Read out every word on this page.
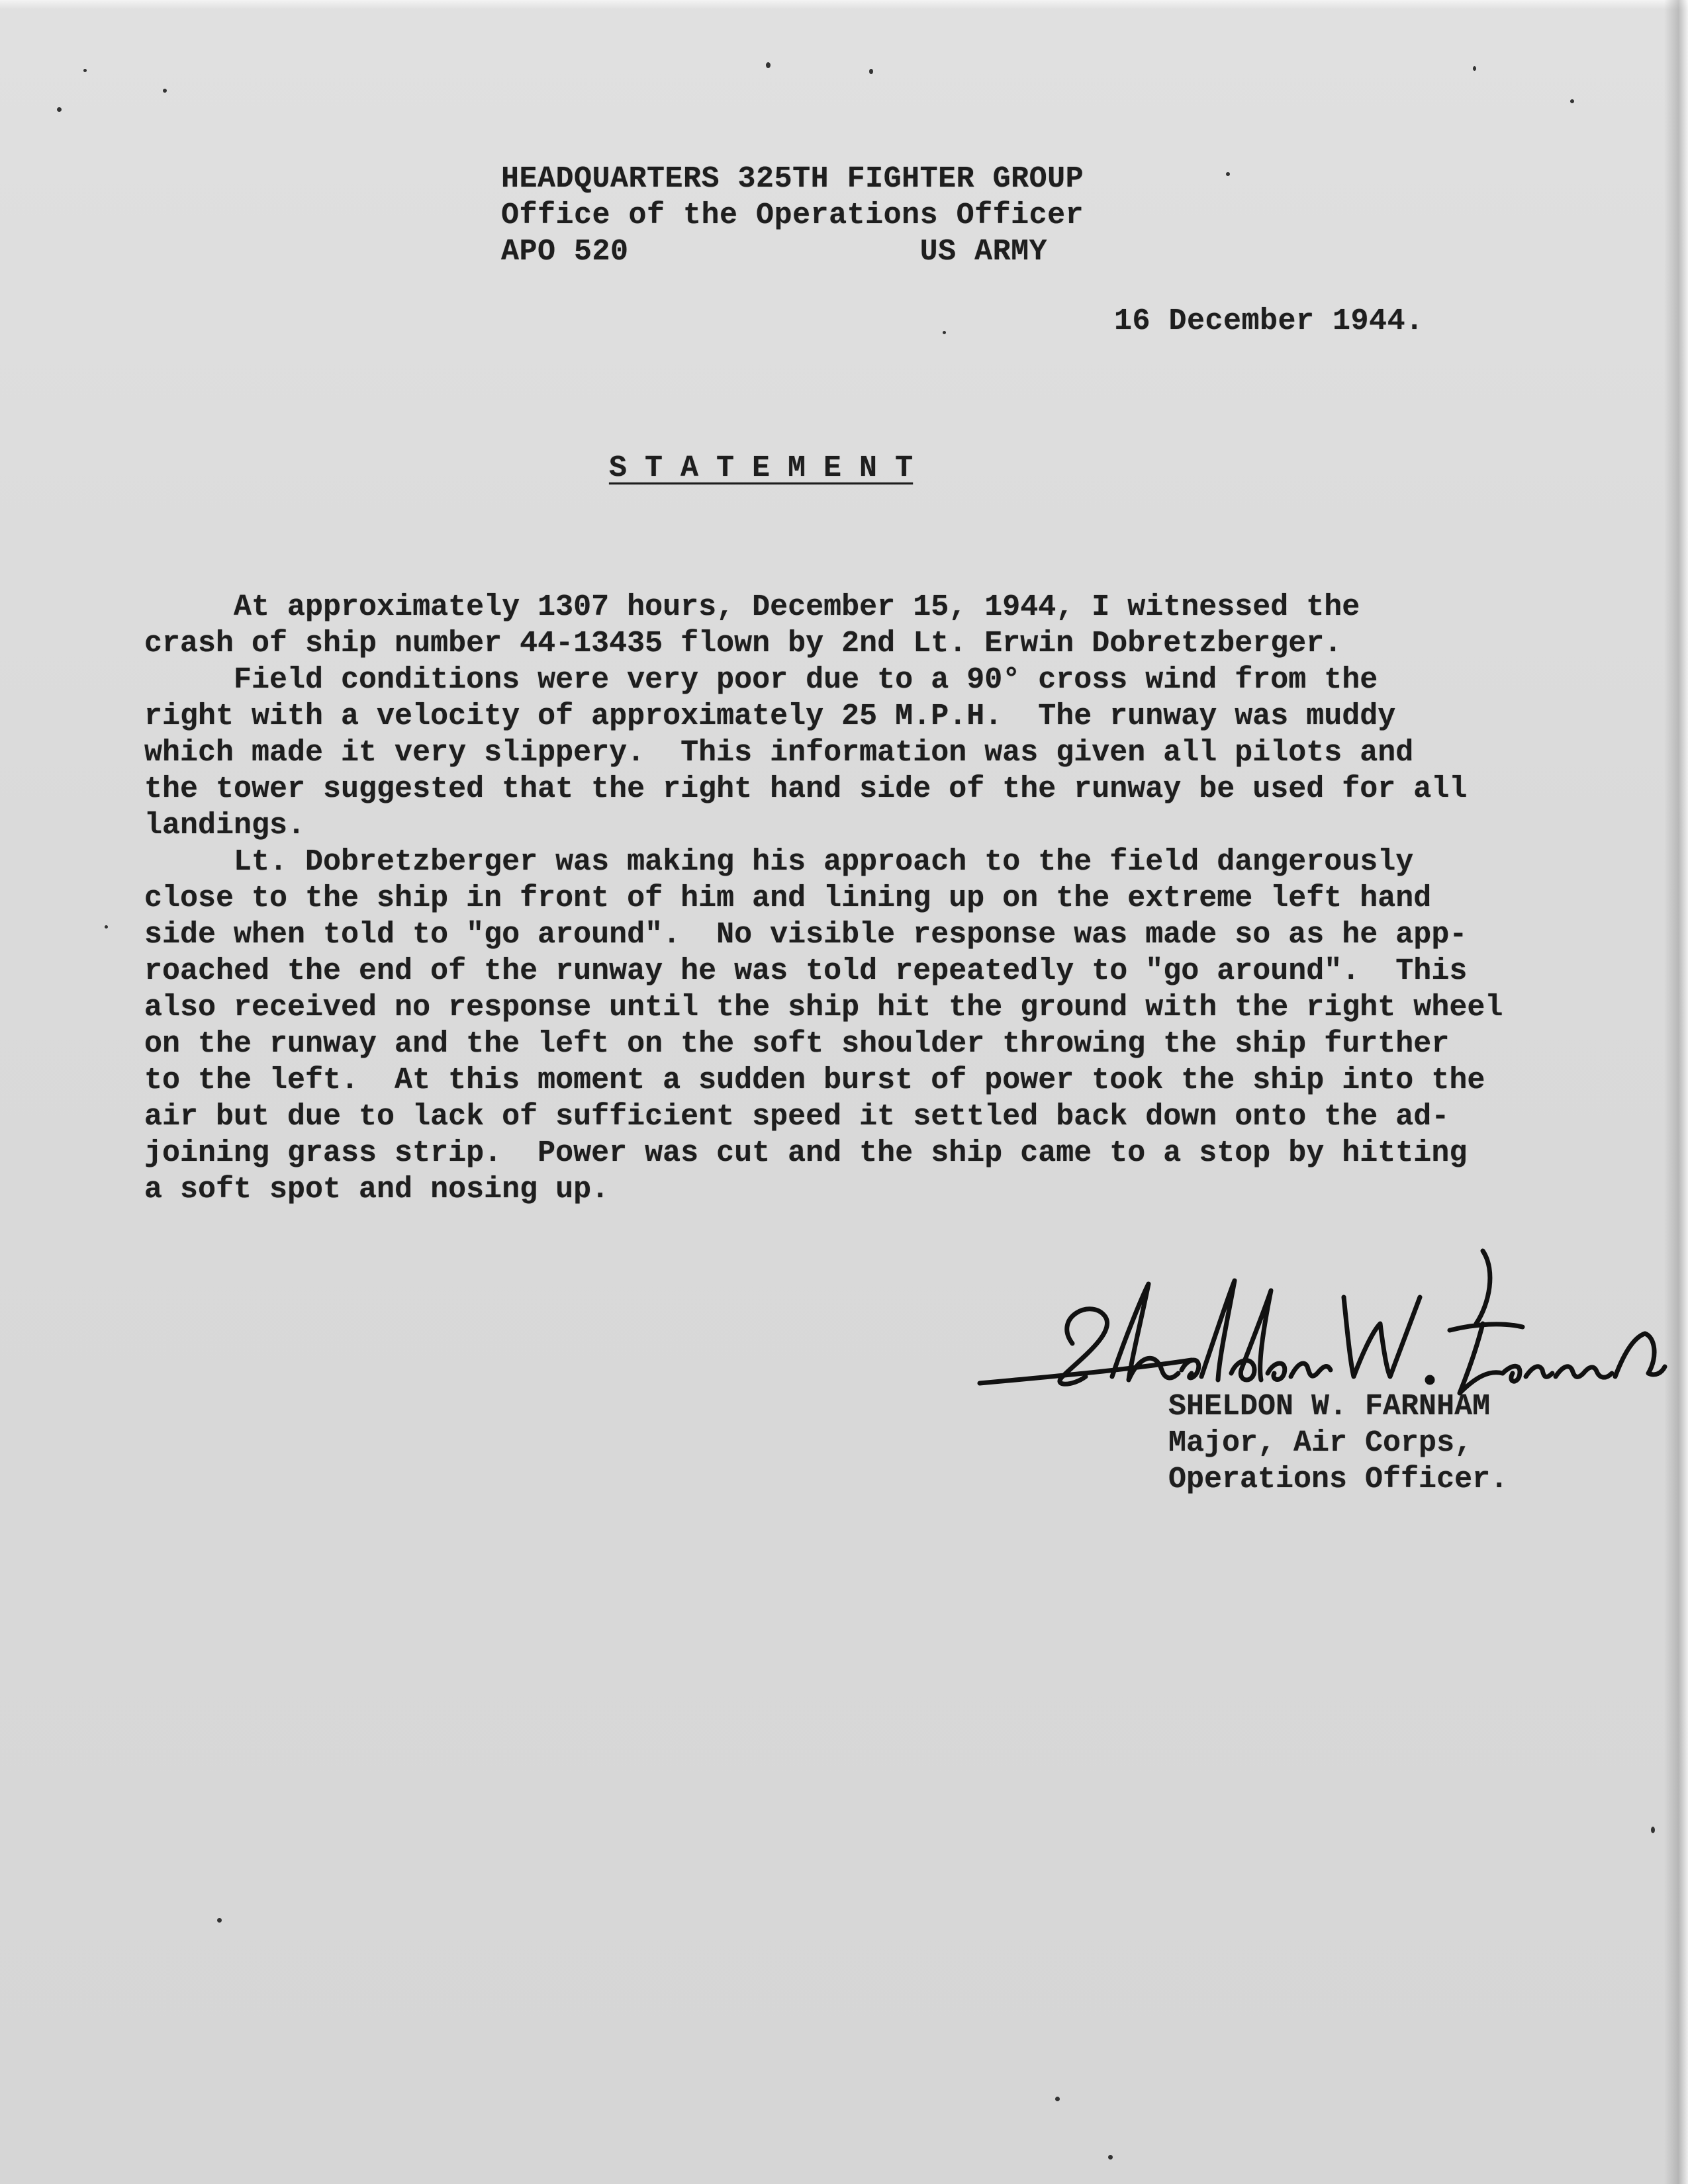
HEADQUARTERS 325TH FIGHTER GROUP
Office of the Operations Officer
APO 520                US ARMY
16 December 1944.
S T A T E M E N T
At approximately 1307 hours, December 15, 1944, I witnessed the
crash of ship number 44-13435 flown by 2nd Lt. Erwin Dobretzberger.
Field conditions were very poor due to a 90° cross wind from the
right with a velocity of approximately 25 M.P.H.  The runway was muddy
which made it very slippery.  This information was given all pilots and
the tower suggested that the right hand side of the runway be used for all
landings.
Lt. Dobretzberger was making his approach to the field dangerously
close to the ship in front of him and lining up on the extreme left hand
side when told to "go around".  No visible response was made so as he app-
roached the end of the runway he was told repeatedly to "go around".  This
also received no response until the ship hit the ground with the right wheel
on the runway and the left on the soft shoulder throwing the ship further
to the left.  At this moment a sudden burst of power took the ship into the
air but due to lack of sufficient speed it settled back down onto the ad-
joining grass strip.  Power was cut and the ship came to a stop by hitting
a soft spot and nosing up.
SHELDON W. FARNHAM
Major, Air Corps,
Operations Officer.
